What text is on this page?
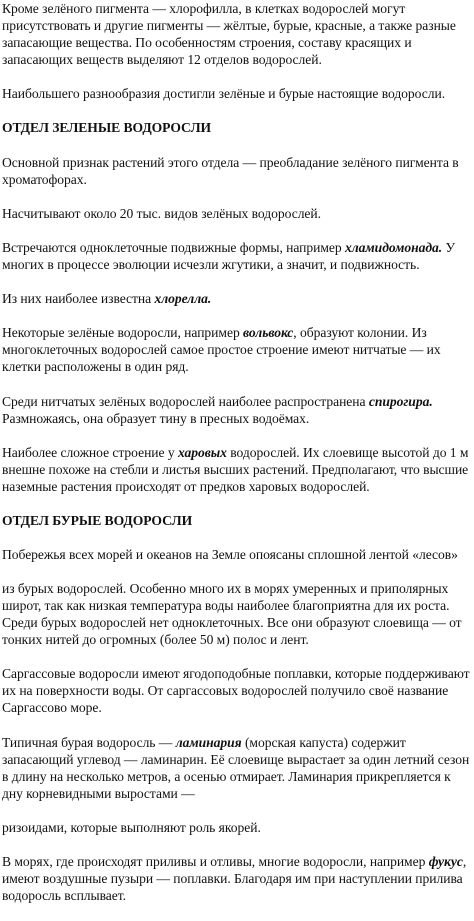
Кроме зелёного пигмента — хлорофилла, в клетках водорослей могут присутствовать и другие пигменты — жёлтые, бурые, красные, а также разные запасающие вещества. По особенностям строения, составу красящих и запасающих веществ выделяют 12 отделов водорослей.

Наибольшего разнообразия достигли зелёные и бурые настоящие водоросли.

ОТДЕЛ ЗЕЛЕНЫЕ ВОДОРОСЛИ

Основной признак растений этого отдела — преобладание зелёного пигмента в хроматофорах.

Насчитывают около 20 тыс. видов зелёных водорослей.

Встречаются одноклеточные подвижные формы, например хламидомонада. У многих в процессе эволюции исчезли жгутики, а значит, и подвижность.

Из них наиболее известна хлорелла.

Некоторые зелёные водоросли, например вольвокс, образуют колонии. Из многоклеточных водорослей самое простое строение имеют нитчатые — их клетки расположены в один ряд.

Среди нитчатых зелёных водорослей наиболее распространена спирогира. Размножаясь, она образует тину в пресных водоёмах.

Наиболее сложное строение у харовых водорослей. Их слоевище высотой до 1 м внешне похоже на стебли и листья высших растений. Предполагают, что высшие наземные растения происходят от предков харовых водорослей.

ОТДЕЛ БУРЫЕ ВОДОРОСЛИ

Побережья всех морей и океанов на Земле опоясаны сплошной лентой «лесов»

из бурых водорослей. Особенно много их в морях умеренных и приполярных широт, так как низкая температура воды наиболее благоприятна для их роста. Среди бурых водорослей нет одноклеточных. Все они образуют слоевища — от тонких нитей до огромных (более 50 м) полос и лент.

Саргассовые водоросли имеют ягодоподобные поплавки, которые поддерживают их на поверхности воды. От саргассовых водорослей получило своё название Саргассово море.

Типичная бурая водоросль — ламинария (морская капуста) содержит запасающий углевод — ламинарин. Её слоевище вырастает за один летний сезон в длину на несколько метров, а осенью отмирает. Ламинария прикрепляется к дну корневидными выростами —

ризоидами, которые выполняют роль якорей.

В морях, где происходят приливы и отливы, многие водоросли, например фукус, имеют воздушные пузыри — поплавки. Благодаря им при наступлении прилива водоросль всплывает.
